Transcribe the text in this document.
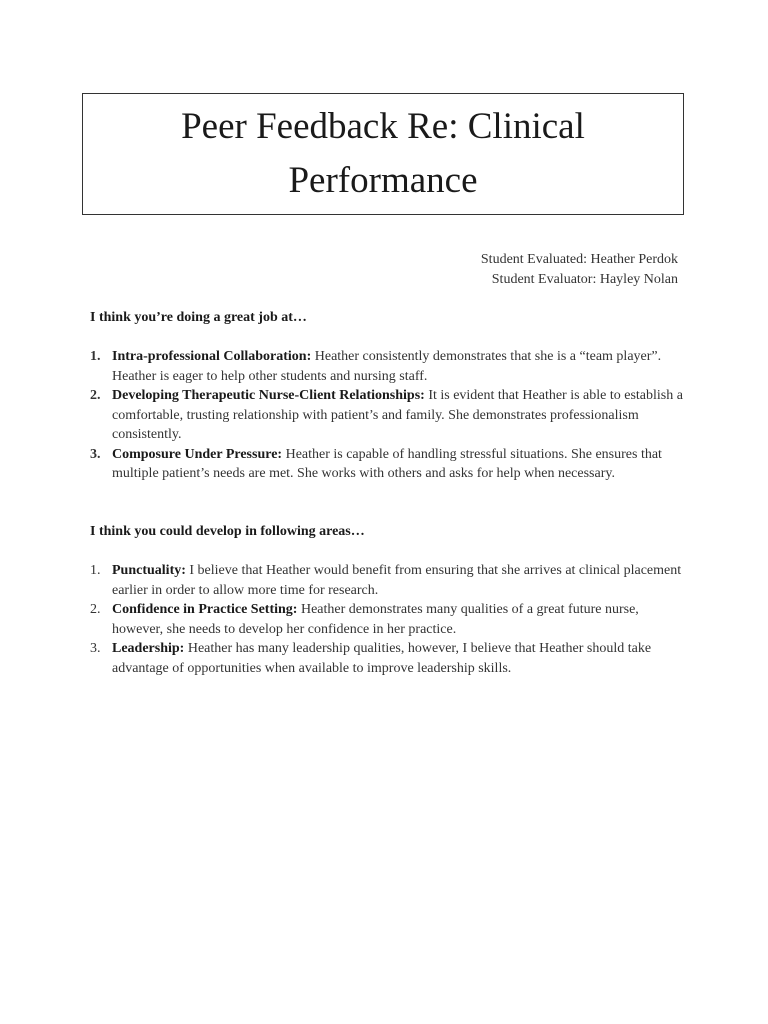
Peer Feedback Re: Clinical Performance
Student Evaluated: Heather Perdok
Student Evaluator: Hayley Nolan
I think you’re doing a great job at…
1. Intra-professional Collaboration: Heather consistently demonstrates that she is a “team player”. Heather is eager to help other students and nursing staff.
2. Developing Therapeutic Nurse-Client Relationships: It is evident that Heather is able to establish a comfortable, trusting relationship with patient’s and family. She demonstrates professionalism consistently.
3. Composure Under Pressure: Heather is capable of handling stressful situations. She ensures that multiple patient’s needs are met. She works with others and asks for help when necessary.
I think you could develop in following areas…
1. Punctuality: I believe that Heather would benefit from ensuring that she arrives at clinical placement earlier in order to allow more time for research.
2. Confidence in Practice Setting: Heather demonstrates many qualities of a great future nurse, however, she needs to develop her confidence in her practice.
3. Leadership: Heather has many leadership qualities, however, I believe that Heather should take advantage of opportunities when available to improve leadership skills.
